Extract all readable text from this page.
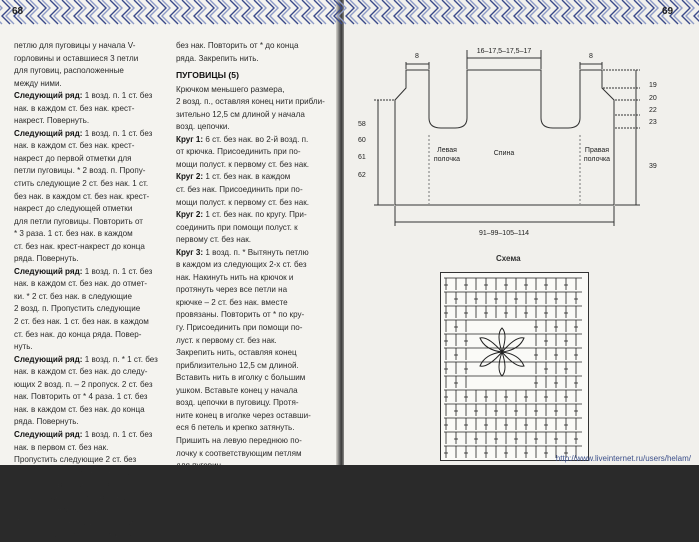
68

петлю для пуговицы у начала V-

горловины и оставшиеся 3 петли

для пуговиц, расположенные

между ними.

Следующий ряд: 1 возд. п. 1 ст. без

нак. в каждом ст. без нак. крест-

накрест. Повернуть.

Следующий ряд: 1 возд. п. 1 ст. без

нак. в каждом ст. без нак. крест-

накрест до первой отметки для

петли пуговицы. * 2 возд. п. Пропу-

стить следующие 2 ст. без нак. 1 ст.

без нак. в каждом ст. без нак. крест-

накрест до следующей отметки

для петли пуговицы. Повторить от

* 3 раза. 1 ст. без нак. в каждом

ст. без нак. крест-накрест до конца

ряда. Повернуть.

Следующий ряд: 1 возд. п. 1 ст. без

нак. в каждом ст. без нак. до отмет-

ки. * 2 ст. без нак. в следующие

2 возд. п. Пропустить следующие

2 ст. без нак. 1 ст. без нак. в каждом

ст. без нак. до конца ряда. Повер-

нуть.

Следующий ряд: 1 возд. п. * 1 ст. без

нак. в каждом ст. без нак. до следу-

ющих 2 возд. п. – 2 пропуск. 2 ст. без

нак. Повторить от * 4 раза. 1 ст. без

нак. в каждом ст. без нак. до конца

ряда. Повернуть.

Следующий ряд: 1 возд. п. 1 ст. без

нак. в первом ст. без нак.

Пропустить следующие 2 ст. без

нак. Вставить крючок в каждую

ст. без нак. вместе. Пучок в

следующие 3 ст. без нак. в каж-

дом ст. без нак. 3 возд. п.

Пропустить следующие 2 ст. без

нак. 1 ст. без нак. в следующем ст.

без нак. Повторить от * до конца

ряда. Закрепить нить.

ПУГОВИЦЫ (5)

Крючком меньшего размера,

2 возд. п., оставляя конец нити прибли-

зительно 12,5 см длиной у начала

возд. цепочки.

Круг 1: 6 ст. без нак. во 2-й возд. п.

от крючка. Присоединить при по-

мощи полуст. к первому ст. без нак.

Круг 2: 1 ст. без нак. в каждом

ст. без нак. Присоединить при по-

мощи полуст. к первому ст. без нак.

Круг 2: 1 ст. без нак. по кругу. При-

соединить при помощи полуст. к

первому ст. без нак.

Круг 3: 1 возд. п. * Вытянуть петлю

в каждом из следующих 2-х ст. без

нак. Накинуть нить на крючок и

протянуть через все петли на

крючке – 2 ст. без нак. вместе

провязаны. Повторить от * по кру-

гу. Присоединить при помощи по-

луст. к первому ст. без нак.

Закрепить нить, оставляя конец

приблизительно 12,5 см длиной.

Вставить нить в иголку с большим

ушком. Вставьте конец у начала

возд. цепочки в пуговицу. Протя-

ните конец в иголке через оставши-

еся 6 петель и крепко затянуть.

Пришить на левую переднюю по-

лочку к соответствующим петлям

для пуговиц.

69
8
16–17,5–17,5–17
8
19
20
22
23
39
58
60
61
62
91–99–105–114
Левая
полочка
Спина	Правая
полочка
Схема
http://www.liveinternet.ru/users/helam/
